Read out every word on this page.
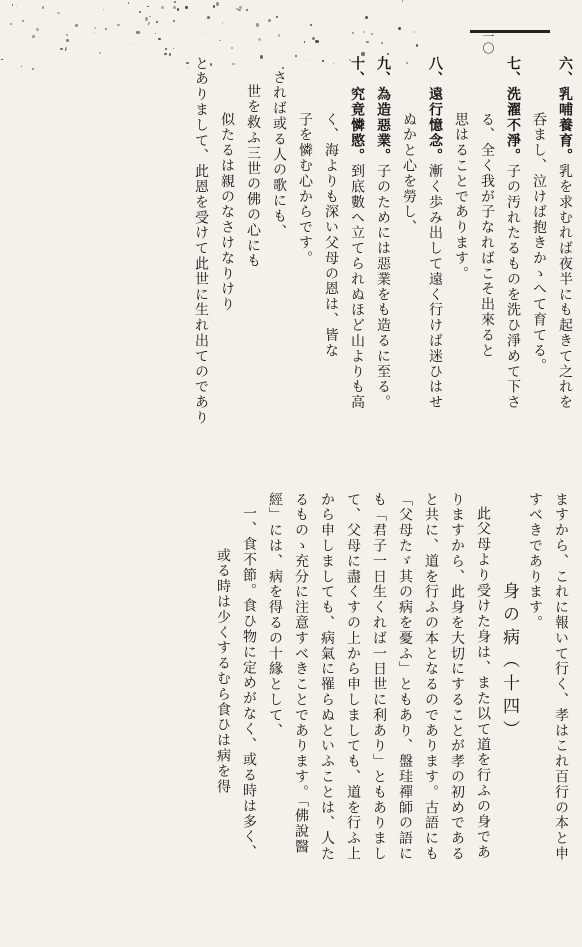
一〇
六、乳哺養育。乳を求むれば夜半にも起きて之れを
呑まし、泣けば抱きかゝへて育てる。
七、洗濯不淨。子の汚れたるものを洗ひ淨めて下さ
る、全く我が子なればこそ出來ると
思はることであります。
八、遠行憶念。漸く歩み出して遠く行けば迷ひはせ
ぬかと心を勞し、
九、為造惡業。子のためには惡業をも造るに至る。
十、究竟憐愍。到底數へ立てられぬほど山よりも高
く、海よりも深い父母の恩は、皆な
子を憐む心からです。
されば或る人の歌にも、
世を救ふ三世の佛の心にも
似たるは親のなさけなりけり
とありまして、此恩を受けて此世に生れ出てのであり
ますから、これに報いて行く、孝はこれ百行の本と申
すべきであります。
身の病（十四）
此父母より受けた身は、また以て道を行ふの身であ
りますから、此身を大切にすることが孝の初めである
と共に、道を行ふの本となるのであります。古語にも
「父母たゞ其の病を憂ふ」ともあり、盤珪禪師の語に
も「君子一日生くれば一日世に利あり」ともありまし
て、父母に盡くすの上から申しましても、道を行ふ上
から申しましても、病氣に罹らぬといふことは、人た
るものゝ充分に注意すべきことであります。「佛說醫
經」には、病を得るの十緣として、
一、食不節。食ひ物に定めがなく、或る時は多く、
或る時は少くするむら食ひは病を得
